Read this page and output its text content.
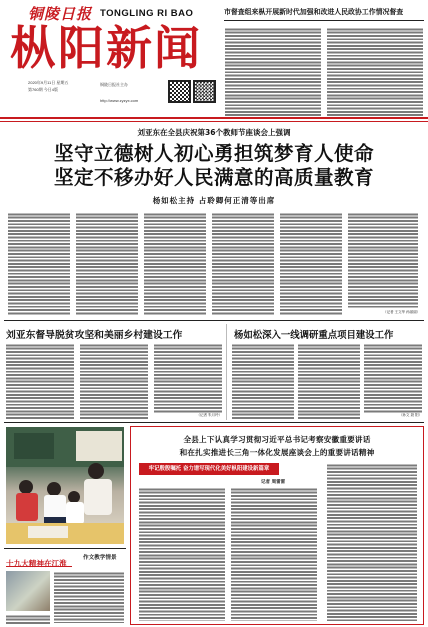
铜陵日报 TONGLING RI BAO
枞阳新闻
2020年9月11日 星期五
第760期 今日4版
铜陵日报社主办
http://www.zyzyx.com
市督查组来枞开展新时代加强和改进人民政协工作情况督查
刘亚东在全县庆祝第36个教师节座谈会上强调
坚守立德树人初心勇担筑梦育人使命
坚定不移办好人民满意的高质量教育
杨如松主持 占聆卿何正清等出席
（记者 王文华 孙丽丽）
刘亚东督导脱贫攻坚和美丽乡村建设工作	杨如松深入一线调研重点项目建设工作
（记者 朱月玲）	（孙文 聂 阳）
十九大精神在江淮
作文教学情景
全县上下认真学习贯彻习近平总书记考察安徽重要讲话
和在扎实推进长三角一体化发展座谈会上的重要讲话精神
牢记殷殷嘱托 奋力谱写现代化美好枞阳建设新篇章
记者 周雷雷
